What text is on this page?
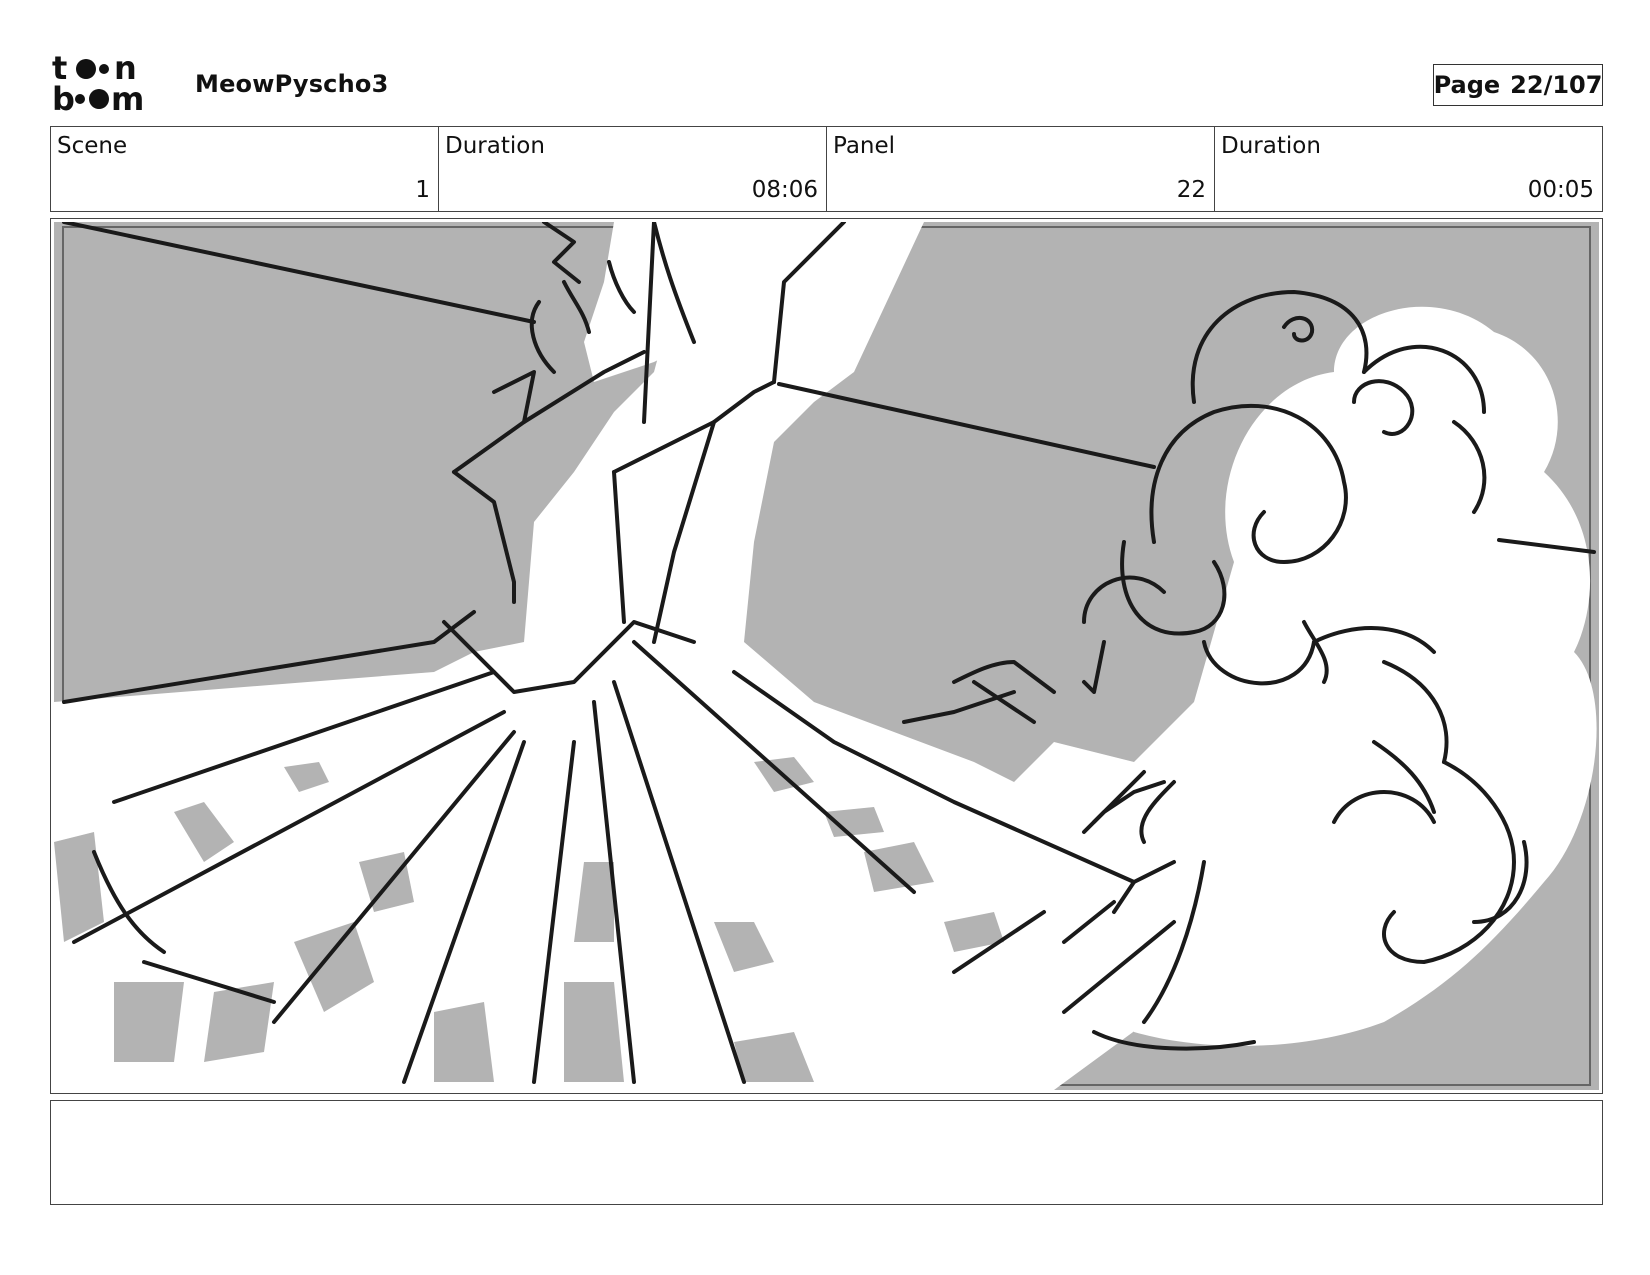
t n
b m MeowPyscho3	Page 22/107
Scene
1
Duration
08:06
Panel
22
Duration
00:05
